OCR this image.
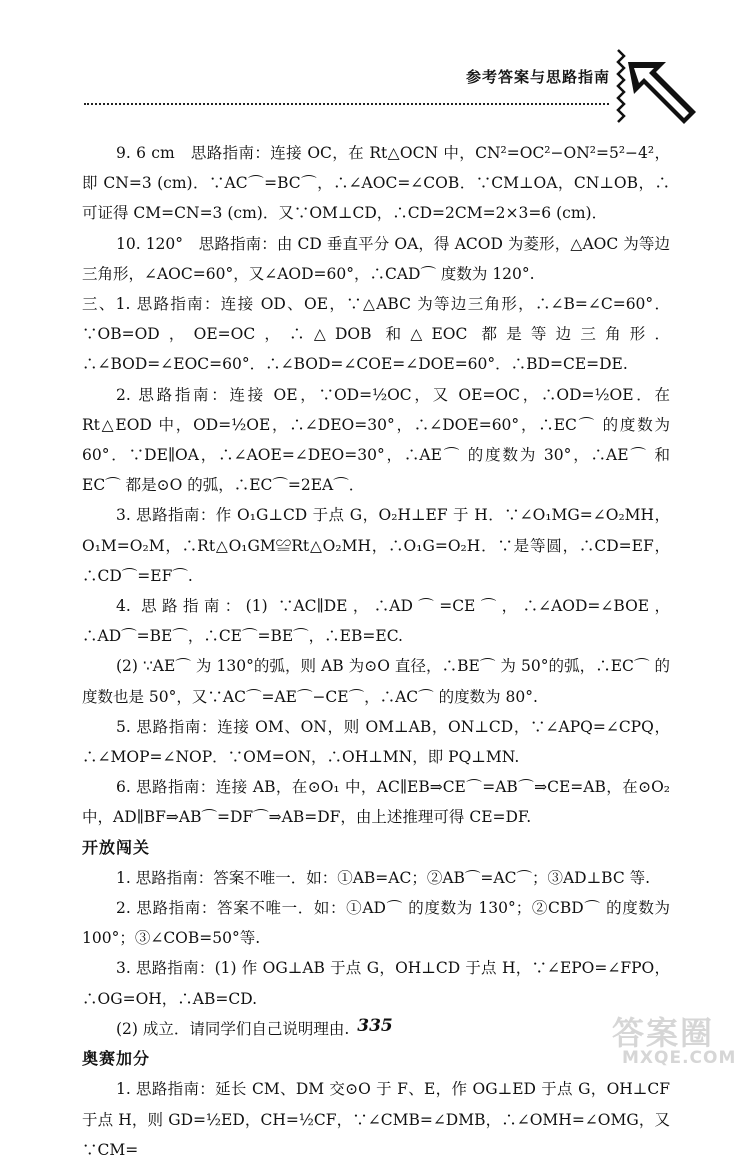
参考答案与思路指南

9. 6 cm　思路指南：连接 OC，在 Rt△OCN 中，CN²=OC²−ON²=5²−4²，即 CN=3 (cm)．∵AC⌒=BC⌒，∴∠AOC=∠COB．∵CM⊥OA，CN⊥OB，∴可证得 CM=CN=3 (cm)．又∵OM⊥CD，∴CD=2CM=2×3=6 (cm)．

10. 120°　思路指南：由 CD 垂直平分 OA，得 ACOD 为菱形，△AOC 为等边三角形，∠AOC=60°，又∠AOD=60°，∴CAD⌒ 度数为 120°.

三、1. 思路指南：连接 OD、OE，∵△ABC 为等边三角形，∴∠B=∠C=60°．∵OB=OD，OE=OC，∴△DOB 和△EOC 都是等边三角形．∴∠BOD=∠EOC=60°．∴∠BOD=∠COE=∠DOE=60°．∴BD=CE=DE.

2. 思路指南：连接 OE，∵OD=½OC，又 OE=OC，∴OD=½OE．在 Rt△EOD 中，OD=½OE，∴∠DEO=30°，∴∠DOE=60°，∴EC⌒ 的度数为 60°．∵DE∥OA，∴∠AOE=∠DEO=30°，∴AE⌒ 的度数为 30°，∴AE⌒ 和 EC⌒ 都是⊙O 的弧，∴EC⌒=2EA⌒．

3. 思路指南：作 O₁G⊥CD 于点 G，O₂H⊥EF 于 H．∵∠O₁MG=∠O₂MH，O₁M=O₂M，∴Rt△O₁GM≌Rt△O₂MH，∴O₁G=O₂H．∵是等圆，∴CD=EF，∴CD⌒=EF⌒.

4. 思路指南：(1) ∵AC∥DE，∴AD⌒=CE⌒，∴∠AOD=∠BOE，∴AD⌒=BE⌒，∴CE⌒=BE⌒，∴EB=EC.

(2) ∵AE⌒ 为 130°的弧，则 AB 为⊙O 直径，∴BE⌒ 为 50°的弧，∴EC⌒ 的度数也是 50°，又∵AC⌒=AE⌒−CE⌒，∴AC⌒ 的度数为 80°.

5. 思路指南：连接 OM、ON，则 OM⊥AB，ON⊥CD，∵∠APQ=∠CPQ，∴∠MOP=∠NOP．∵OM=ON，∴OH⊥MN，即 PQ⊥MN.

6. 思路指南：连接 AB，在⊙O₁ 中，AC∥EB⇒CE⌒=AB⌒⇒CE=AB，在⊙O₂ 中，AD∥BF⇒AB⌒=DF⌒⇒AB=DF，由上述推理可得 CE=DF.

开放闯关

1. 思路指南：答案不唯一．如：①AB=AC；②AB⌒=AC⌒；③AD⊥BC 等.

2. 思路指南：答案不唯一．如：①AD⌒ 的度数为 130°；②CBD⌒ 的度数为 100°；③∠COB=50°等.

3. 思路指南：(1) 作 OG⊥AB 于点 G，OH⊥CD 于点 H，∵∠EPO=∠FPO，∴OG=OH，∴AB=CD.

(2) 成立．请同学们自己说明理由.

奥赛加分

1. 思路指南：延长 CM、DM 交⊙O 于 F、E，作 OG⊥ED 于点 G，OH⊥CF 于点 H，则 GD=½ED，CH=½CF，∵∠CMB=∠DMB，∴∠OMH=∠OMG，又∵CM=

335	答案圈
MXQE.COM
